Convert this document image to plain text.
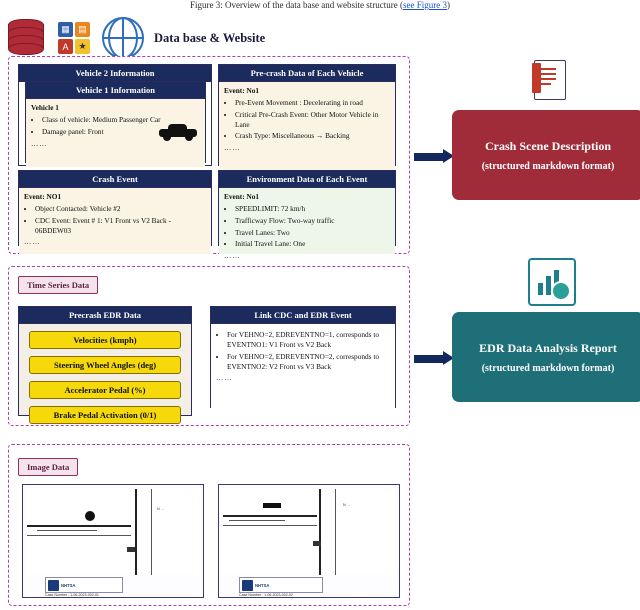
Figure 3: Overview of the data base and website structure (see Figure 3)
▦ ▤
A	★
Data base & Website
Vehicle 2 Information
Vehicle 1 Information
Vehicle 1
• Class of vehicle: Medium Passenger Car
• Damage panel: Front
……
Pre-crash Data of Each Vehicle
Event: No1
• Pre-Event Movement : Decelerating in road
• Critical Pre-Crash Event: Other Motor Vehicle in Lane
• Crash Type: Miscellaneous → Backing
……
Crash Event
Event: NO1
• Object Contacted: Vehicle #2
• CDC Event: Event # 1: V1 Front vs V2 Back - 06BDEW03
……
Environment Data of Each Event
Event: No1
• SPEEDLIMIT: 72 km/h
• Trafficway Flow: Two-way traffic
• Travel Lanes: Two
• Initial Travel Lane: One
……
Crash Scene Description
(structured markdown format)
Time Series Data
Precrash EDR Data
Velocities (kmph)
Steering Wheel Angles (deg)
Accelerator Pedal (%)
Brake Pedal Activation (0/1)
Link CDC and EDR Event
• For VEHNO=2, EDREVENTNO=1, corresponds to EVENTNO1: V1 Front vs V2 Back
• For VEHNO=2, EDREVENTNO=2, corresponds to EVENTNO2: V2 Front vs V3 Back
……
EDR Data Analysis Report
(structured markdown format)
Image Data
N →
NHTSA
Case Number : 1-06-2023-002-01
N →
NHTSA
Case Number : 1-06-2023-002-02
